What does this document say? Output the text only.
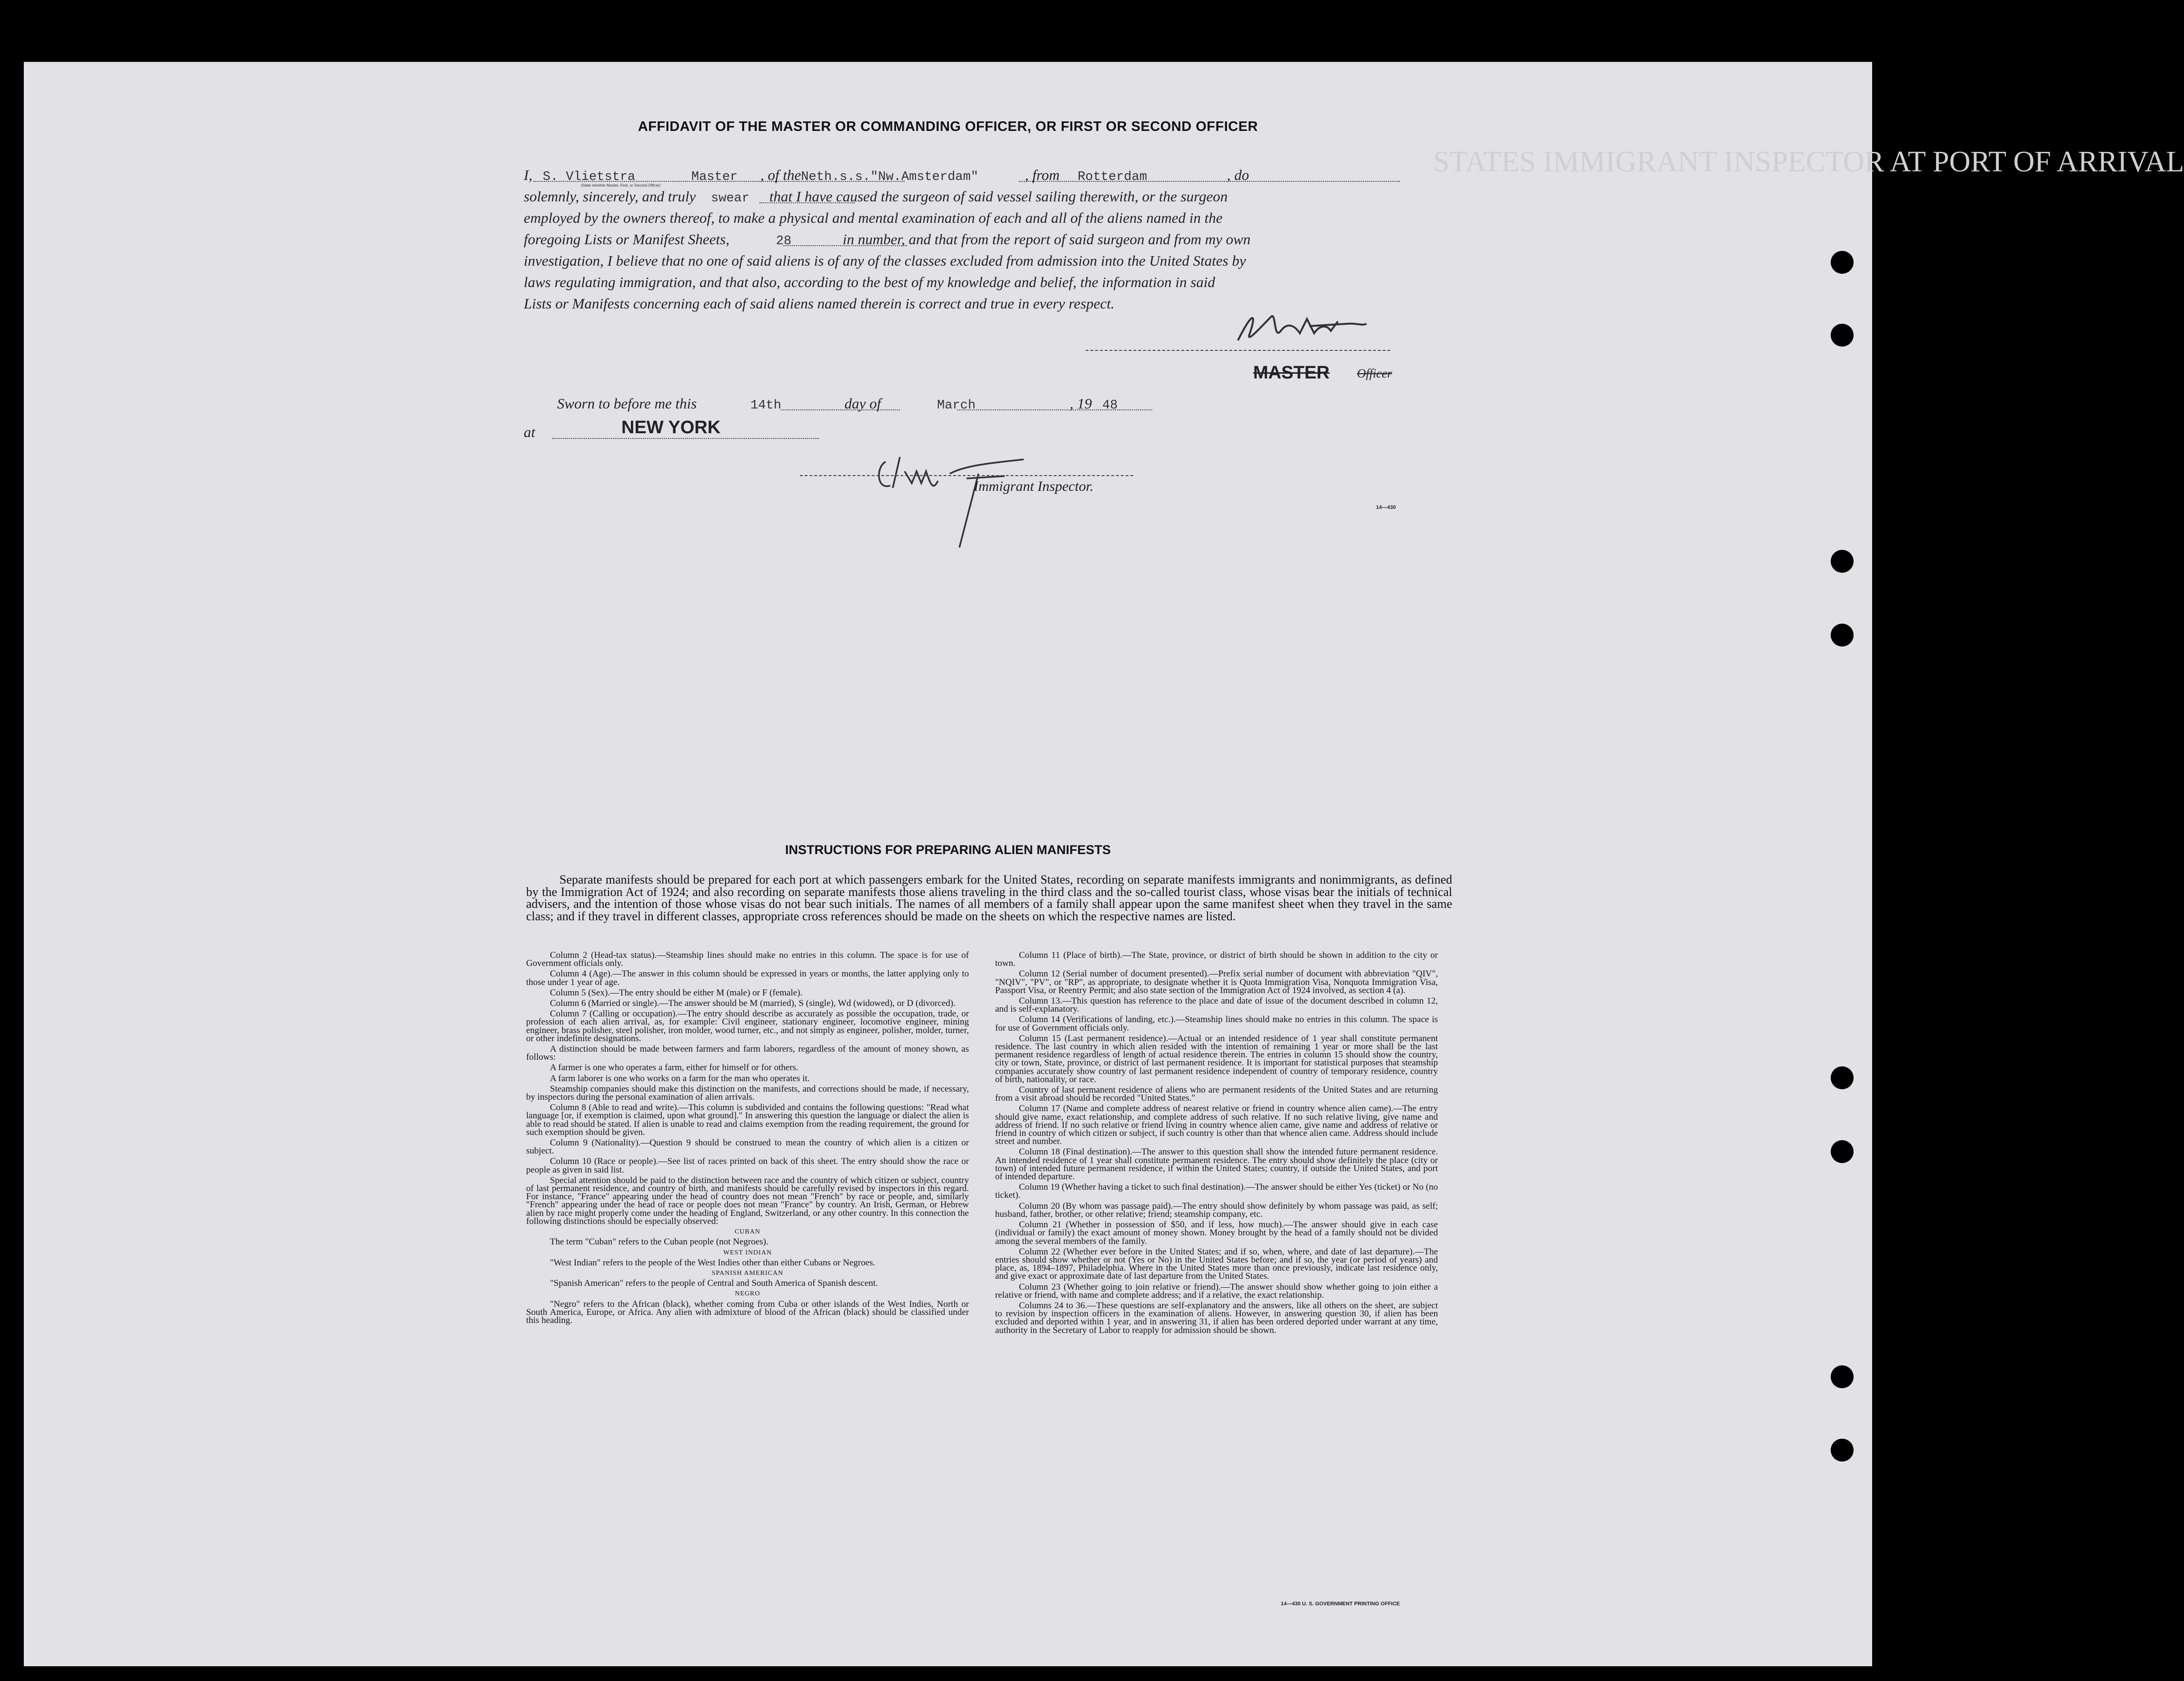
STATES IMMIGRANT INSPECTOR AT PORT OF ARRIVAL
AFFIDAVIT OF THE MASTER OR COMMANDING OFFICER, OR FIRST OR SECOND OFFICER
I, S. Vlietstra	Master , of theNeth.s.s."Nw.Amsterdam"	, from Rotterdam	, do
(State whether Master, First, or Second Officer)
solemnly, sincerely, and truly swear that I have caused the surgeon of said vessel sailing therewith, or the surgeon
employed by the owners thereof, to make a physical and mental examination of each and all of the aliens named in the
foregoing Lists or Manifest Sheets,	28	in number, and that from the report of said surgeon and from my own
investigation, I believe that no one of said aliens is of any of the classes excluded from admission into the United States by
laws regulating immigration, and that also, according to the best of my knowledge and belief, the information in said
Lists or Manifests concerning each of said aliens named therein is correct and true in every respect.
MASTER Officer
Sworn to before me this	14th	day of	March	, 19 48
at	NEW YORK
Immigrant Inspector.
14—430
INSTRUCTIONS FOR PREPARING ALIEN MANIFESTS
Separate manifests should be prepared for each port at which passengers embark for the United States, recording on separate manifests immigrants and nonimmigrants, as defined by the Immigration Act of 1924; and also recording on separate manifests those aliens traveling in the third class and the so-called tourist class, whose visas bear the initials of technical advisers, and the intention of those whose visas do not bear such initials. The names of all members of a family shall appear upon the same manifest sheet when they travel in the same class; and if they travel in different classes, appropriate cross references should be made on the sheets on which the respective names are listed.

Column 2 (Head-tax status).—Steamship lines should make no entries in this column. The space is for use of Government officials only.

Column 4 (Age).—The answer in this column should be expressed in years or months, the latter applying only to those under 1 year of age.

Column 5 (Sex).—The entry should be either M (male) or F (female).

Column 6 (Married or single).—The answer should be M (married), S (single), Wd (widowed), or D (divorced).

Column 7 (Calling or occupation).—The entry should describe as accurately as possible the occupation, trade, or profession of each alien arrival, as, for example: Civil engineer, stationary engineer, locomotive engineer, mining engineer, brass polisher, steel polisher, iron molder, wood turner, etc., and not simply as engineer, polisher, molder, turner, or other indefinite designations.

A distinction should be made between farmers and farm laborers, regardless of the amount of money shown, as follows:

A farmer is one who operates a farm, either for himself or for others.

A farm laborer is one who works on a farm for the man who operates it.

Steamship companies should make this distinction on the manifests, and corrections should be made, if necessary, by inspectors during the personal examination of alien arrivals.

Column 8 (Able to read and write).—This column is subdivided and contains the following questions: "Read what language [or, if exemption is claimed, upon what ground]." In answering this question the language or dialect the alien is able to read should be stated. If alien is unable to read and claims exemption from the reading requirement, the ground for such exemption should be given.

Column 9 (Nationality).—Question 9 should be construed to mean the country of which alien is a citizen or subject.

Column 10 (Race or people).—See list of races printed on back of this sheet. The entry should show the race or people as given in said list.

Special attention should be paid to the distinction between race and the country of which citizen or subject, country of last permanent residence, and country of birth, and manifests should be carefully revised by inspectors in this regard. For instance, "France" appearing under the head of country does not mean "French" by race or people, and, similarly "French" appearing under the head of race or people does not mean "France" by country. An Irish, German, or Hebrew alien by race might properly come under the heading of England, Switzerland, or any other country. In this connection the following distinctions should be especially observed:

CUBAN

The term "Cuban" refers to the Cuban people (not Negroes).

WEST INDIAN

"West Indian" refers to the people of the West Indies other than either Cubans or Negroes.

SPANISH AMERICAN

"Spanish American" refers to the people of Central and South America of Spanish descent.

NEGRO

"Negro" refers to the African (black), whether coming from Cuba or other islands of the West Indies, North or South America, Europe, or Africa. Any alien with admixture of blood of the African (black) should be classified under this heading.

Column 11 (Place of birth).—The State, province, or district of birth should be shown in addition to the city or town.

Column 12 (Serial number of document presented).—Prefix serial number of document with abbreviation "QIV", "NQIV", "PV", or "RP", as appropriate, to designate whether it is Quota Immigration Visa, Nonquota Immigration Visa, Passport Visa, or Reentry Permit; and also state section of the Immigration Act of 1924 involved, as section 4 (a).

Column 13.—This question has reference to the place and date of issue of the document described in column 12, and is self-explanatory.

Column 14 (Verifications of landing, etc.).—Steamship lines should make no entries in this column. The space is for use of Government officials only.

Column 15 (Last permanent residence).—Actual or an intended residence of 1 year shall constitute permanent residence. The last country in which alien resided with the intention of remaining 1 year or more shall be the last permanent residence regardless of length of actual residence therein. The entries in column 15 should show the country, city or town, State, province, or district of last permanent residence. It is important for statistical purposes that steamship companies accurately show country of last permanent residence independent of country of temporary residence, country of birth, nationality, or race.

Country of last permanent residence of aliens who are permanent residents of the United States and are returning from a visit abroad should be recorded "United States."

Column 17 (Name and complete address of nearest relative or friend in country whence alien came).—The entry should give name, exact relationship, and complete address of such relative. If no such relative living, give name and address of friend. If no such relative or friend living in country whence alien came, give name and address of relative or friend in country of which citizen or subject, if such country is other than that whence alien came. Address should include street and number.

Column 18 (Final destination).—The answer to this question shall show the intended future permanent residence. An intended residence of 1 year shall constitute permanent residence. The entry should show definitely the place (city or town) of intended future permanent residence, if within the United States; country, if outside the United States, and port of intended departure.

Column 19 (Whether having a ticket to such final destination).—The answer should be either Yes (ticket) or No (no ticket).

Column 20 (By whom was passage paid).—The entry should show definitely by whom passage was paid, as self; husband, father, brother, or other relative; friend; steamship company, etc.

Column 21 (Whether in possession of $50, and if less, how much).—The answer should give in each case (individual or family) the exact amount of money shown. Money brought by the head of a family should not be divided among the several members of the family.

Column 22 (Whether ever before in the United States; and if so, when, where, and date of last departure).—The entries should show whether or not (Yes or No) in the United States before; and if so, the year (or period of years) and place, as, 1894–1897, Philadelphia. Where in the United States more than once previously, indicate last residence only, and give exact or approximate date of last departure from the United States.

Column 23 (Whether going to join relative or friend).—The answer should show whether going to join either a relative or friend, with name and complete address; and if a relative, the exact relationship.

Columns 24 to 36.—These questions are self-explanatory and the answers, like all others on the sheet, are subject to revision by inspection officers in the examination of aliens. However, in answering question 30, if alien has been excluded and deported within 1 year, and in answering 31, if alien has been ordered deported under warrant at any time, authority in the Secretary of Labor to reapply for admission should be shown.

14—430 U. S. GOVERNMENT PRINTING OFFICE
